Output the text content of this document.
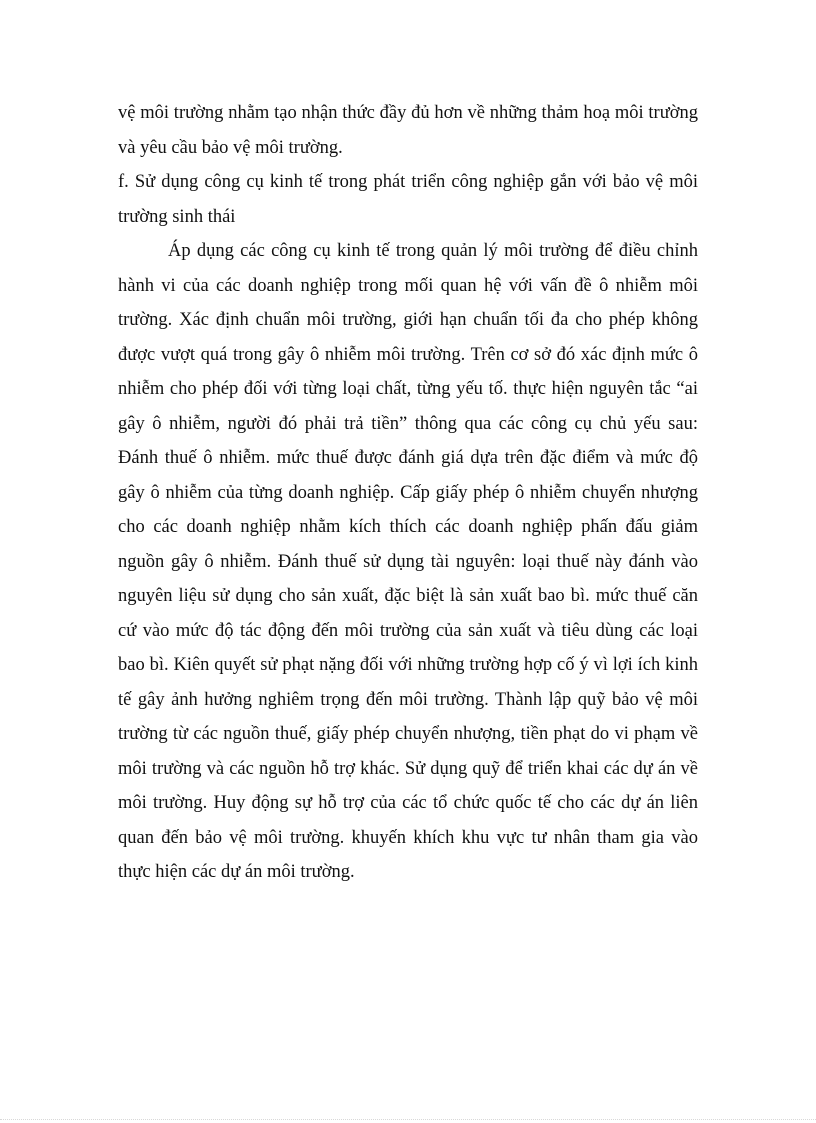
vệ môi trường nhằm tạo nhận thức đầy đủ hơn về những thảm hoạ môi trường và yêu cầu bảo vệ môi trường.

f. Sử dụng công cụ kinh tế trong phát triển công nghiệp gắn với bảo vệ môi trường sinh thái

Áp dụng các công cụ kinh tế trong quản lý môi trường để điều chỉnh hành vi của các doanh nghiệp trong mối quan hệ với vấn đề ô nhiễm môi trường. Xác định chuẩn môi trường, giới hạn chuẩn tối đa cho phép không được vượt quá trong gây ô nhiễm môi trường. Trên cơ sở đó xác định mức ô nhiễm cho phép đối với từng loại chất, từng yếu tố. thực hiện nguyên tắc “ai gây ô nhiễm, người đó phải trả tiền” thông qua các công cụ chủ yếu sau: Đánh thuế ô nhiễm. mức thuế được đánh giá dựa trên đặc điểm và mức độ gây ô nhiễm của từng doanh nghiệp. Cấp giấy phép ô nhiễm chuyển nhượng cho các doanh nghiệp nhằm kích thích các doanh nghiệp phấn đấu giảm nguồn gây ô nhiễm. Đánh thuế sử dụng tài nguyên: loại thuế này đánh vào nguyên liệu sử dụng cho sản xuất, đặc biệt là sản xuất bao bì. mức thuế căn cứ vào mức độ tác động đến môi trường của sản xuất và tiêu dùng các loại bao bì. Kiên quyết sử phạt nặng đối với những trường hợp cố ý vì lợi ích kinh tế gây ảnh hưởng nghiêm trọng đến môi trường. Thành lập quỹ bảo vệ môi trường từ các nguồn thuế, giấy phép chuyển nhượng, tiền phạt do vi phạm về môi trường và các nguồn hỗ trợ khác. Sử dụng quỹ để triển khai các dự án về môi trường. Huy động sự hỗ trợ của các tổ chức quốc tế cho các dự án liên quan đến bảo vệ môi trường. khuyến khích khu vực tư nhân tham gia vào thực hiện các dự án môi trường.
